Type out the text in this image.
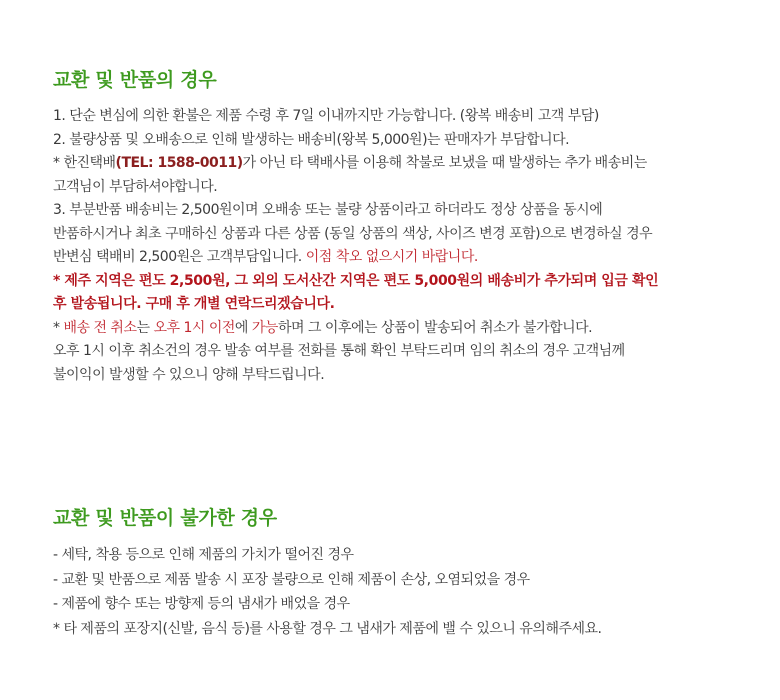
교환 및 반품의 경우
1. 단순 변심에 의한 환불은 제품 수령 후 7일 이내까지만 가능합니다. (왕복 배송비 고객 부담)
2. 불량상품 및 오배송으로 인해 발생하는 배송비(왕복 5,000원)는 판매자가 부담합니다.
* 한진택배(TEL: 1588-0011)가 아닌 타 택배사를 이용해 착불로 보냈을 때 발생하는 추가 배송비는
고객님이 부담하셔야합니다.
3. 부분반품 배송비는 2,500원이며 오배송 또는 불량 상품이라고 하더라도 정상 상품을 동시에
반품하시거나 최초 구매하신 상품과 다른 상품 (동일 상품의 색상, 사이즈 변경 포함)으로 변경하실 경우
반변심 택배비 2,500원은 고객부담입니다. 이점 착오 없으시기 바랍니다.
* 제주 지역은 편도 2,500원, 그 외의 도서산간 지역은 편도 5,000원의 배송비가 추가되며 입금 확인
후 발송됩니다. 구매 후 개별 연락드리겠습니다.
* 배송 전 취소는 오후 1시 이전에 가능하며 그 이후에는 상품이 발송되어 취소가 불가합니다.
오후 1시 이후 취소건의 경우 발송 여부를 전화를 통해 확인 부탁드리며 임의 취소의 경우 고객님께
불이익이 발생할 수 있으니 양해 부탁드립니다.
교환 및 반품이 불가한 경우
- 세탁, 착용 등으로 인해 제품의 가치가 떨어진 경우
- 교환 및 반품으로 제품 발송 시 포장 불량으로 인해 제품이 손상, 오염되었을 경우
- 제품에 향수 또는 방향제 등의 냄새가 배었을 경우
* 타 제품의 포장지(신발, 음식 등)를 사용할 경우 그 냄새가 제품에 밸 수 있으니 유의해주세요.
